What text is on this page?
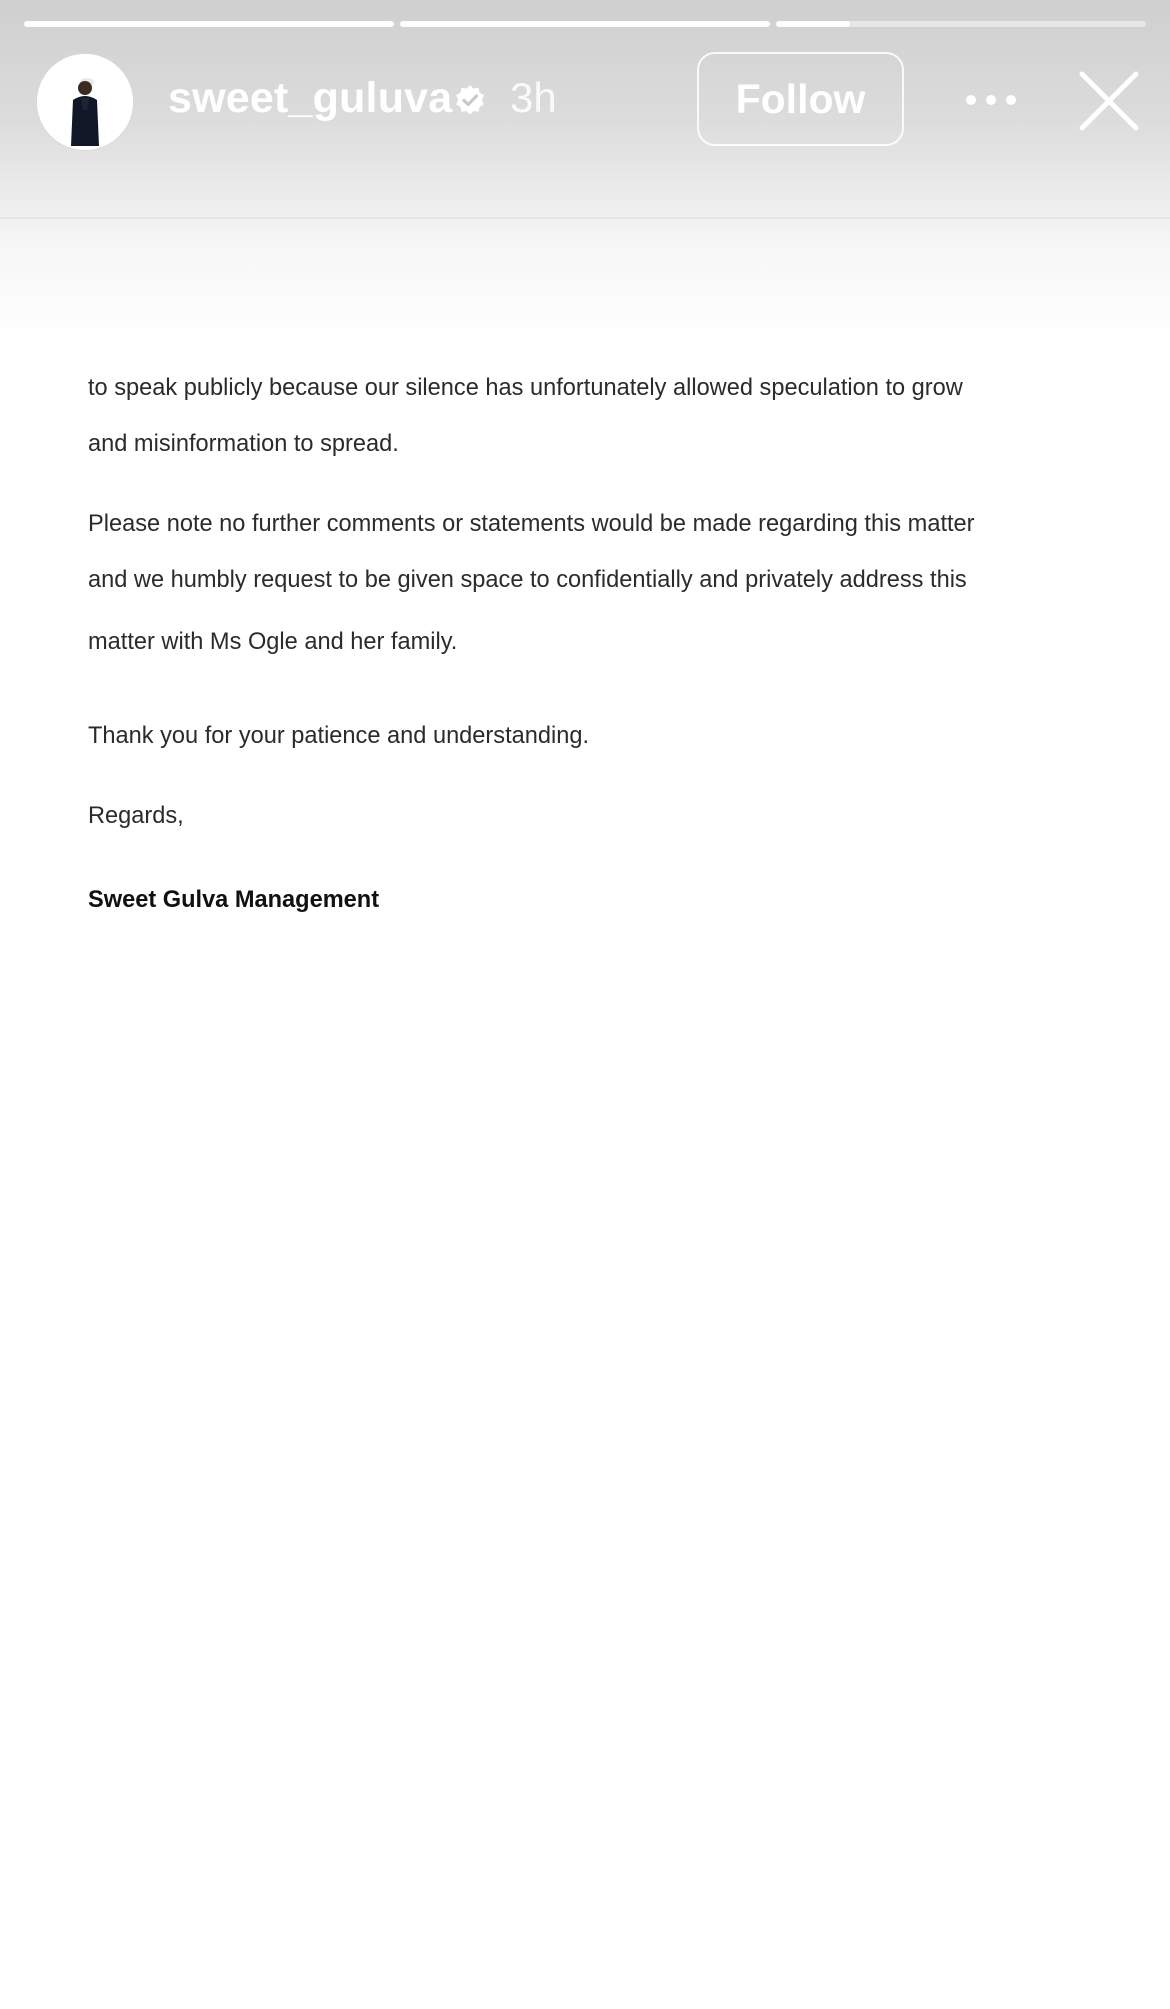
sweet_guluva 3h	Follow

to speak publicly because our silence has unfortunately allowed speculation to grow
and misinformation to spread.

Please note no further comments or statements would be made regarding this matter
and we humbly request to be given space to confidentially and privately address this
matter with Ms Ogle and her family.

Thank you for your patience and understanding.

Regards,

Sweet Gulva Management
